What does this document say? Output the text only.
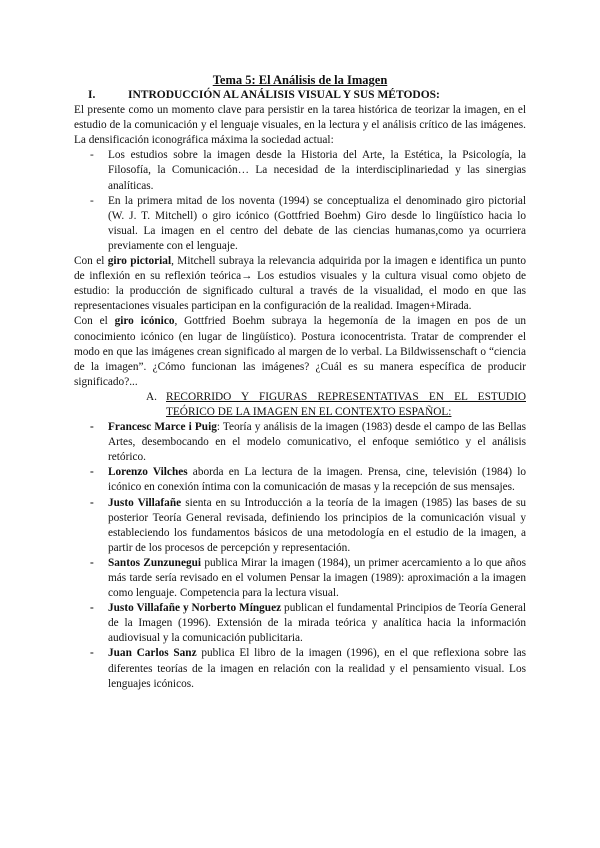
Tema 5: El Análisis de la Imagen
I.	INTRODUCCIÓN AL ANÁLISIS VISUAL Y SUS MÉTODOS:

El presente como un momento clave para persistir en la tarea histórica de teorizar la imagen, en el estudio de la comunicación y el lenguaje visuales, en la lectura y el análisis crítico de las imágenes. La densificación iconográfica máxima la sociedad actual:

- Los estudios sobre la imagen desde la Historia del Arte, la Estética, la Psicología, la Filosofía, la Comunicación… La necesidad de la interdisciplinariedad y las sinergias analíticas.
- En la primera mitad de los noventa (1994) se conceptualiza el denominado giro pictorial (W. J. T. Mitchell) o giro icónico (Gottfried Boehm) Giro desde lo lingüístico hacia lo visual. La imagen en el centro del debate de las ciencias humanas,como ya ocurriera previamente con el lenguaje.

Con el giro pictorial, Mitchell subraya la relevancia adquirida por la imagen e identifica un punto de inflexión en su reflexión teórica→ Los estudios visuales y la cultura visual como objeto de estudio: la producción de significado cultural a través de la visualidad, el modo en que las representaciones visuales participan en la configuración de la realidad. Imagen+Mirada.

Con el giro icónico, Gottfried Boehm subraya la hegemonía de la imagen en pos de un conocimiento icónico (en lugar de lingüístico). Postura iconocentrista. Tratar de comprender el modo en que las imágenes crean significado al margen de lo verbal. La Bildwissenschaft o “ciencia de la imagen”. ¿Cómo funcionan las imágenes? ¿Cuál es su manera específica de producir significado?...

A. RECORRIDO Y FIGURAS REPRESENTATIVAS EN EL ESTUDIO TEÓRICO DE LA IMAGEN EN EL CONTEXTO ESPAÑOL:
- Francesc Marce i Puig: Teoría y análisis de la imagen (1983) desde el campo de las Bellas Artes, desembocando en el modelo comunicativo, el enfoque semiótico y el análisis retórico.
- Lorenzo Vilches aborda en La lectura de la imagen. Prensa, cine, televisión (1984) lo icónico en conexión íntima con la comunicación de masas y la recepción de sus mensajes.
- Justo Villafañe sienta en su Introducción a la teoría de la imagen (1985) las bases de su posterior Teoría General revisada, definiendo los principios de la comunicación visual y estableciendo los fundamentos básicos de una metodología en el estudio de la imagen, a partir de los procesos de percepción y representación.
- Santos Zunzunegui publica Mirar la imagen (1984), un primer acercamiento a lo que años más tarde sería revisado en el volumen Pensar la imagen (1989): aproximación a la imagen como lenguaje. Competencia para la lectura visual.
- Justo Villafañe y Norberto Mínguez publican el fundamental Principios de Teoría General de la Imagen (1996). Extensión de la mirada teórica y analítica hacia la información audiovisual y la comunicación publicitaria.
- Juan Carlos Sanz publica El libro de la imagen (1996), en el que reflexiona sobre las diferentes teorías de la imagen en relación con la realidad y el pensamiento visual. Los lenguajes icónicos.
